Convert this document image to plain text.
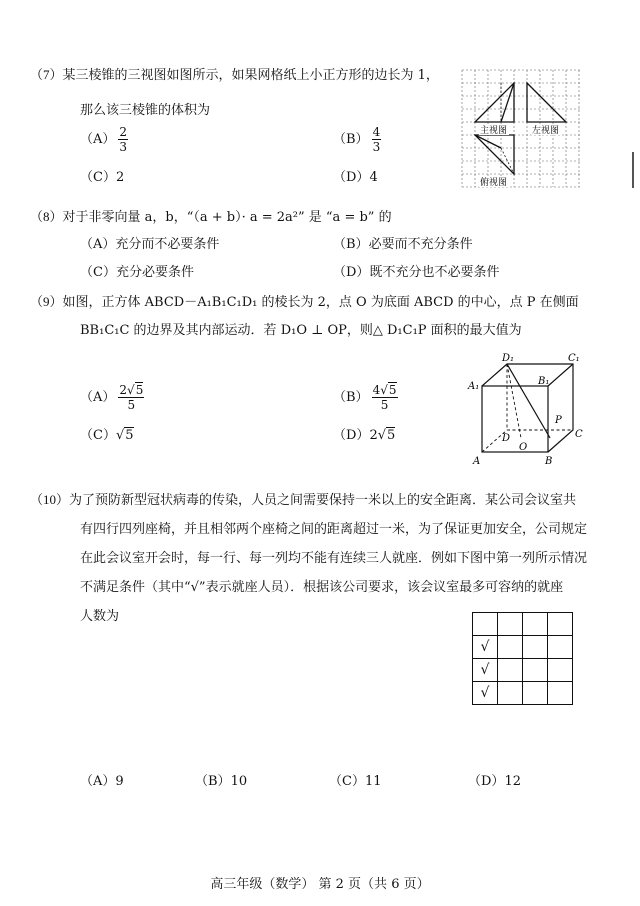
（7）某三棱锥的三视图如图所示，如果网格纸上小正方形的边长为 1，
那么该三棱锥的体积为
$(A) \frac{2}{3}$	$(B) \frac{4}{3}$
（C）2	（D）4
主视图	左视图
俯视图
（8）对于非零向量 a，b，“（a + b）· a = 2a²” 是 “a = b” 的
（A）充分而不必要条件	（B）必要而不充分条件
（C）充分必要条件	（D）既不充分也不必要条件
（9）如图，正方体 ABCD－A₁B₁C₁D₁ 的棱长为 2，点 O 为底面 ABCD 的中心，点 P 在侧面
BB₁C₁C 的边界及其内部运动．若 D₁O ⊥ OP，则△ D₁C₁P 面积的最大值为
$(A) \frac{2√5}{5}$	$(B) \frac{4√5}{5}$
（C）√5	（D）2√5
D₁	C₁
A₁	B₁
P
C
D
O
A	B
（10）为了预防新型冠状病毒的传染，人员之间需要保持一米以上的安全距离．某公司会议室共
有四行四列座椅，并且相邻两个座椅之间的距离超过一米，为了保证更加安全，公司规定
在此会议室开会时，每一行、每一列均不能有连续三人就座．例如下图中第一列所示情况
不满足条件（其中“√”表示就座人员）．根据该公司要求，该会议室最多可容纳的就座
人数为

√			
√			
√			
（A）9	（B）10	（C）11	（D）12
高三年级（数学） 第 2 页（共 6 页）
